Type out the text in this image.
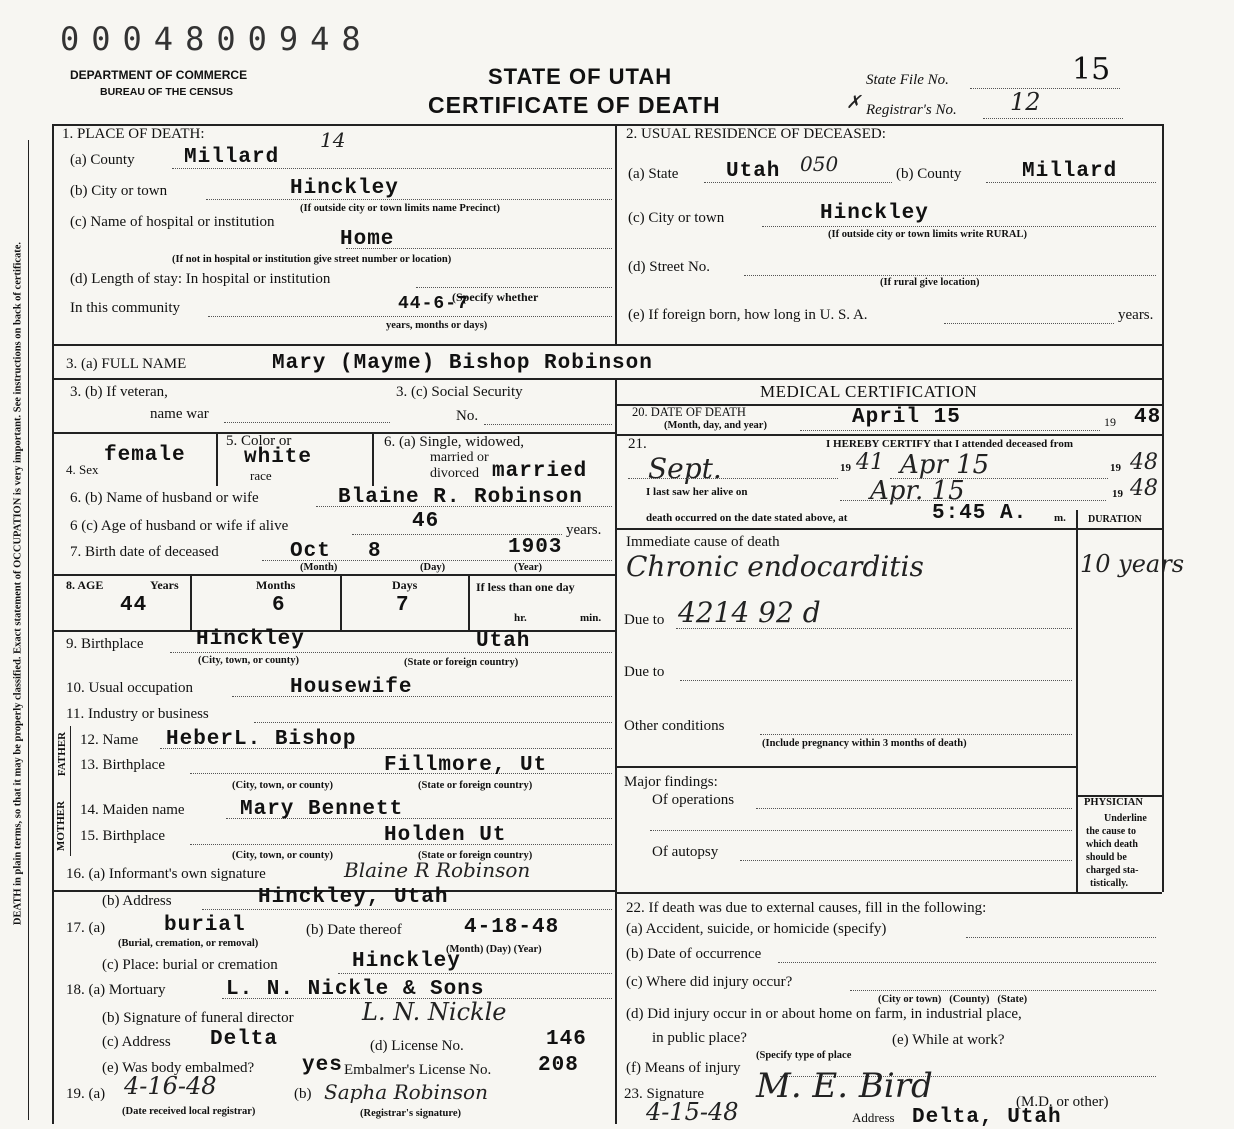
0004800948
DEPARTMENT OF COMMERCE
BUREAU OF THE CENSUS
STATE OF UTAH
CERTIFICATE OF DEATH
State File No.	15
✗ Registrar's No. 12
DEATH in plain terms, so that it may be properly classified. Exact statement of OCCUPATION is very important. See instructions on back of certificate.
1. PLACE OF DEATH:
(a) County Millard
14
(b) City or town	Hinckley
(If outside city or town limits name Precinct)
(c) Name of hospital or institution
Home
(If not in hospital or institution give street number or location)
(d) Length of stay: In hospital or institution
In this community	44-6-7
(Specify whether
years, months or days)
2. USUAL RESIDENCE OF DECEASED:
(a) State Utah 050	(b) County	Millard
(c) City or town	Hinckley
(If outside city or town limits write RURAL)
(d) Street No.
(If rural give location)
(e) If foreign born, how long in U. S. A.	years.
3. (a) FULL NAME	Mary (Mayme) Bishop Robinson
3. (b) If veteran,
name war
3. (c) Social Security
No.
MEDICAL CERTIFICATION
20. DATE OF DEATH
(Month, day, and year)	April 15	19 48
female
4. Sex
5. Color or
white
race
6. (a) Single, widowed,
married or
divorced married
6. (b) Name of husband or wife	Blaine R. Robinson
6 (c) Age of husband or wife if alive	46	years.
7. Birth date of deceased	Oct 8	1903
(Month)	(Day)	(Year)
8. AGE	Years	Months	Days	If less than one day
44	6	7
hr.	min.
9. Birthplace	Hinckley	Utah
(City, town, or county)	(State or foreign country)
10. Usual occupation	Housewife
11. Industry or business
FATHER 12. Name HeberL. Bishop
13. Birthplace	Fillmore, Ut
(City, town, or county)	(State or foreign country)
MOTHER 14. Maiden name	Mary Bennett
15. Birthplace	Holden Ut
(City, town, or county)	(State or foreign country)
16. (a) Informant's own signature	Blaine R Robinson
(b) Address	Hinckley, Utah
17. (a)	burial
(Burial, cremation, or removal)
(b) Date thereof	4-18-48
(Month) (Day) (Year)
(c) Place: burial or cremation	Hinckley
18. (a) Mortuary	L. N. Nickle & Sons
(b) Signature of funeral director	L. N. Nickle
(c) Address Delta	(d) License No.	146
(e) Was body embalmed? yes Embalmer's License No. 208
19. (a) 4-16-48	(b) Sapha Robinson
(Date received local registrar)	(Registrar's signature)
21.	I HEREBY CERTIFY that I attended deceased from
Sept.	19 41 Apr 15	19 48
I last saw her alive on	Apr. 15	19 48
death occurred on the date stated above, at	5:45 A. m. DURATION
Immediate cause of death
Chronic endocarditis	10 years
Due to 4214 92 d
Due to
Other conditions
(Include pregnancy within 3 months of death)
Major findings:
Of operations
Of autopsy
PHYSICIAN
Underline
the cause to
which death
should be
charged sta-
tistically.
22. If death was due to external causes, fill in the following:
(a) Accident, suicide, or homicide (specify)
(b) Date of occurrence
(c) Where did injury occur?
(City or town)   (County)   (State)
(d) Did injury occur in or about home on farm, in industrial place,
in public place?
(Specify type of place
(e) While at work?
(f) Means of injury
23. Signature M. E. Bird	(M.D. or other)
4-15-48	Address Delta, Utah
